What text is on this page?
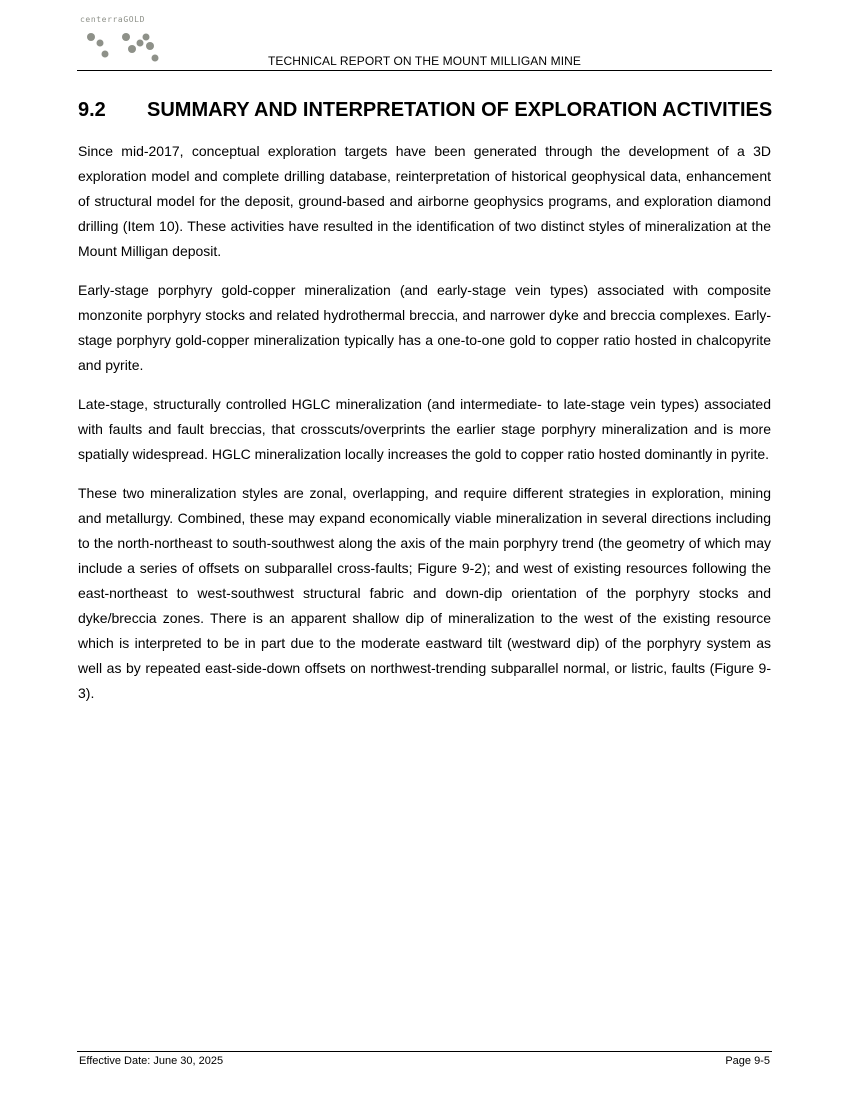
centerraGOLD
TECHNICAL REPORT ON THE MOUNT MILLIGAN MINE
9.2 SUMMARY AND INTERPRETATION OF EXPLORATION ACTIVITIES

Since mid-2017, conceptual exploration targets have been generated through the development of a 3D exploration model and complete drilling database, reinterpretation of historical geophysical data, enhancement of structural model for the deposit, ground-based and airborne geophysics programs, and exploration diamond drilling (Item 10). These activities have resulted in the identification of two distinct styles of mineralization at the Mount Milligan deposit.

Early-stage porphyry gold-copper mineralization (and early-stage vein types) associated with composite monzonite porphyry stocks and related hydrothermal breccia, and narrower dyke and breccia complexes. Early-stage porphyry gold-copper mineralization typically has a one-to-one gold to copper ratio hosted in chalcopyrite and pyrite.

Late-stage, structurally controlled HGLC mineralization (and intermediate- to late-stage vein types) associated with faults and fault breccias, that crosscuts/overprints the earlier stage porphyry mineralization and is more spatially widespread. HGLC mineralization locally increases the gold to copper ratio hosted dominantly in pyrite.

These two mineralization styles are zonal, overlapping, and require different strategies in exploration, mining and metallurgy. Combined, these may expand economically viable mineralization in several directions including to the north-northeast to south-southwest along the axis of the main porphyry trend (the geometry of which may include a series of offsets on subparallel cross-faults; Figure 9-2); and west of existing resources following the east-northeast to west-southwest structural fabric and down-dip orientation of the porphyry stocks and dyke/breccia zones. There is an apparent shallow dip of mineralization to the west of the existing resource which is interpreted to be in part due to the moderate eastward tilt (westward dip) of the porphyry system as well as by repeated east-side-down offsets on northwest-trending subparallel normal, or listric, faults (Figure 9-3).

Effective Date: June 30, 2025	Page 9-5
